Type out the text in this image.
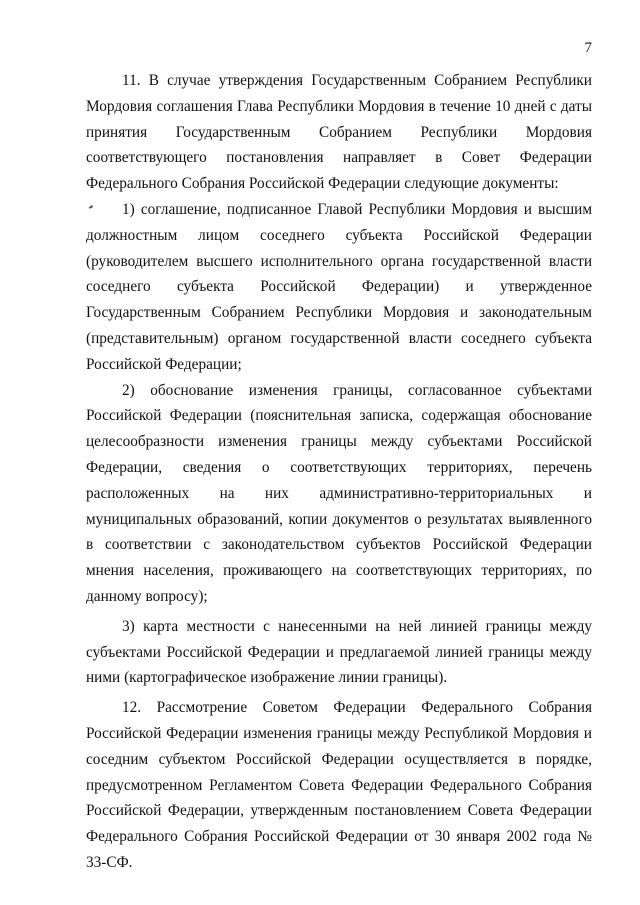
7

11. В случае утверждения Государственным Собранием Республики Мордовия соглашения Глава Республики Мордовия в течение 10 дней с даты принятия Государственным Собранием Республики Мордовия соответствующего постановления направляет в Совет Федерации Федерального Собрания Российской Федерации следующие документы:

1) соглашение, подписанное Главой Республики Мордовия и высшим должностным лицом соседнего субъекта Российской Федерации (руководителем высшего исполнительного органа государственной власти соседнего субъекта Российской Федерации) и утвержденное Государственным Собранием Республики Мордовия и законодательным (представительным) органом государственной власти соседнего субъекта Российской Федерации;

2) обоснование изменения границы, согласованное субъектами Российской Федерации (пояснительная записка, содержащая обоснование целесообразности изменения границы между субъектами Российской Федерации, сведения о соответствующих территориях, перечень расположенных на них административно-территориальных и муниципальных образований, копии документов о результатах выявленного в соответствии с законодательством субъектов Российской Федерации мнения населения, проживающего на соответствующих территориях, по данному вопросу);

3) карта местности с нанесенными на ней линией границы между субъектами Российской Федерации и предлагаемой линией границы между ними (картографическое изображение линии границы).

12. Рассмотрение Советом Федерации Федерального Собрания Российской Федерации изменения границы между Республикой Мордовия и соседним субъектом Российской Федерации осуществляется в порядке, предусмотренном Регламентом Совета Федерации Федерального Собрания Российской Федерации, утвержденным постановлением Совета Федерации Федерального Собрания Российской Федерации от 30 января 2002 года № 33-СФ.
